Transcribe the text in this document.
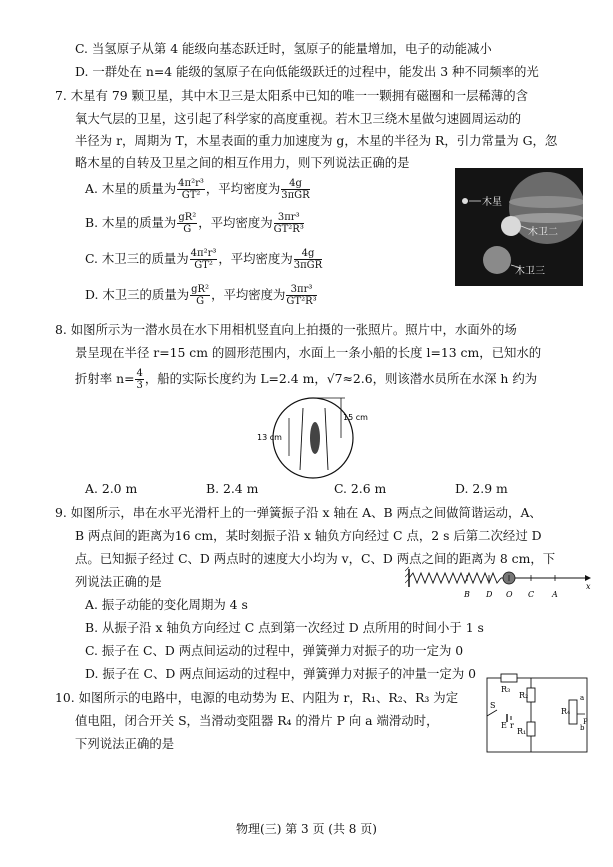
C. 当氢原子从第 4 能级向基态跃迁时，氢原子的能量增加，电子的动能减小
D. 一群处在 n=4 能级的氢原子在向低能级跃迁的过程中，能发出 3 种不同频率的光
7. 木星有 79 颗卫星，其中木卫三是太阳系中已知的唯一一颗拥有磁圈和一层稀薄的含
氧大气层的卫星，这引起了科学家的高度重视。若木卫三绕木星做匀速圆周运动的
半径为 r，周期为 T，木星表面的重力加速度为 g，木星的半径为 R，引力常量为 G，忽
略木星的自转及卫星之间的相互作用力，则下列说法正确的是
A. 木星的质量为 $\frac{\text{4π²r³}}{\text{GT²}}$ ，平均密度为 $\frac{4g}{\text{3πGR}}$
B. 木星的质量为 $\frac{\text{gR²}}{G}$ ，平均密度为 $\frac{\text{3πr³}}{\text{GT²R³}}$
C. 木卫三的质量为 $\frac{\text{4π²r³}}{\text{GT²}}$ ，平均密度为 $\frac{4g}{\text{3πGR}}$
D. 木卫三的质量为 $\frac{\text{gR²}}{G}$ ，平均密度为 $\frac{\text{3πr³}}{\text{GT²R³}}$
木星
木卫二
木卫三
8. 如图所示为一潜水员在水下用相机竖直向上拍摄的一张照片。照片中，水面外的场
景呈现在半径 r=15 cm 的圆形范围内，水面上一条小船的长度 l=13 cm，已知水的
折射率 $n= \frac{4}{3}$ ，船的实际长度约为 L=2.4 m，√7≈2.6，则该潜水员所在水深 h 约为
15 cm
13 cm
A. 2.0 m	B. 2.4 m	C. 2.6 m	D. 2.9 m
9. 如图所示，串在水平光滑杆上的一弹簧振子沿 x 轴在 A、B 两点之间做简谐运动，A、
B 两点间的距离为16 cm，某时刻振子沿 x 轴负方向经过 C 点，2 s 后第二次经过 D
点。已知振子经过 C、D 两点时的速度大小均为 v，C、D 两点之间的距离为 8 cm，下
列说法正确的是
A. 振子动能的变化周期为 4 s
B. 从振子沿 x 轴负方向经过 C 点到第一次经过 D 点所用的时间小于 1 s
C. 振子在 C、D 两点间运动的过程中，弹簧弹力对振子的功一定为 0
D. 振子在 C、D 两点间运动的过程中，弹簧弹力对振子的冲量一定为 0
B D O C A
x
10. 如图所示的电路中，电源的电动势为 E、内阻为 r，R₁、R₂、R₃ 为定
值电阻，闭合开关 S，当滑动变阻器 R₄ 的滑片 P 向 a 端滑动时，
下列说法正确的是
R₃
R₂
R₁
S
E r
R₄
a
b
P
物理(三) 第 3 页 (共 8 页)
